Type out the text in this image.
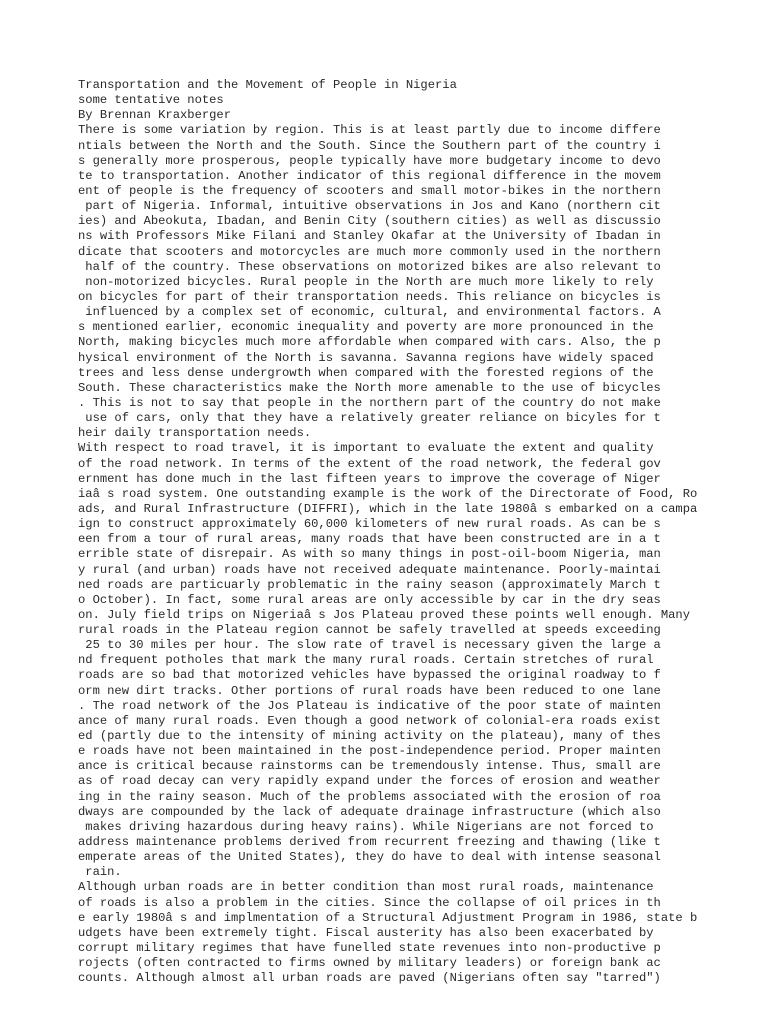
Transportation and the Movement of People in Nigeria
some tentative notes
By Brennan Kraxberger
There is some variation by region. This is at least partly due to income differe
ntials between the North and the South. Since the Southern part of the country i
s generally more prosperous, people typically have more budgetary income to devo
te to transportation. Another indicator of this regional difference in the movem
ent of people is the frequency of scooters and small motor-bikes in the northern
part of Nigeria. Informal, intuitive observations in Jos and Kano (northern cit
ies) and Abeokuta, Ibadan, and Benin City (southern cities) as well as discussio
ns with Professors Mike Filani and Stanley Okafar at the University of Ibadan in
dicate that scooters and motorcycles are much more commonly used in the northern
half of the country. These observations on motorized bikes are also relevant to
non-motorized bicycles. Rural people in the North are much more likely to rely
on bicycles for part of their transportation needs. This reliance on bicycles is
influenced by a complex set of economic, cultural, and environmental factors. A
s mentioned earlier, economic inequality and poverty are more pronounced in the
North, making bicycles much more affordable when compared with cars. Also, the p
hysical environment of the North is savanna. Savanna regions have widely spaced
trees and less dense undergrowth when compared with the forested regions of the
South. These characteristics make the North more amenable to the use of bicycles
. This is not to say that people in the northern part of the country do not make
use of cars, only that they have a relatively greater reliance on bicyles for t
heir daily transportation needs.
With respect to road travel, it is important to evaluate the extent and quality
of the road network. In terms of the extent of the road network, the federal gov
ernment has done much in the last fifteen years to improve the coverage of Niger
iaâ s road system. One outstanding example is the work of the Directorate of Food, Ro
ads, and Rural Infrastructure (DIFFRI), which in the late 1980â s embarked on a campa
ign to construct approximately 60,000 kilometers of new rural roads. As can be s
een from a tour of rural areas, many roads that have been constructed are in a t
errible state of disrepair. As with so many things in post-oil-boom Nigeria, man
y rural (and urban) roads have not received adequate maintenance. Poorly-maintai
ned roads are particuarly problematic in the rainy season (approximately March t
o October). In fact, some rural areas are only accessible by car in the dry seas
on. July field trips on Nigeriaâ s Jos Plateau proved these points well enough. Many
rural roads in the Plateau region cannot be safely travelled at speeds exceeding
25 to 30 miles per hour. The slow rate of travel is necessary given the large a
nd frequent potholes that mark the many rural roads. Certain stretches of rural
roads are so bad that motorized vehicles have bypassed the original roadway to f
orm new dirt tracks. Other portions of rural roads have been reduced to one lane
. The road network of the Jos Plateau is indicative of the poor state of mainten
ance of many rural roads. Even though a good network of colonial-era roads exist
ed (partly due to the intensity of mining activity on the plateau), many of thes
e roads have not been maintained in the post-independence period. Proper mainten
ance is critical because rainstorms can be tremendously intense. Thus, small are
as of road decay can very rapidly expand under the forces of erosion and weather
ing in the rainy season. Much of the problems associated with the erosion of roa
dways are compounded by the lack of adequate drainage infrastructure (which also
makes driving hazardous during heavy rains). While Nigerians are not forced to
address maintenance problems derived from recurrent freezing and thawing (like t
emperate areas of the United States), they do have to deal with intense seasonal
rain.
Although urban roads are in better condition than most rural roads, maintenance
of roads is also a problem in the cities. Since the collapse of oil prices in th
e early 1980â s and implmentation of a Structural Adjustment Program in 1986, state b
udgets have been extremely tight. Fiscal austerity has also been exacerbated by
corrupt military regimes that have funelled state revenues into non-productive p
rojects (often contracted to firms owned by military leaders) or foreign bank ac
counts. Although almost all urban roads are paved (Nigerians often say "tarred")
